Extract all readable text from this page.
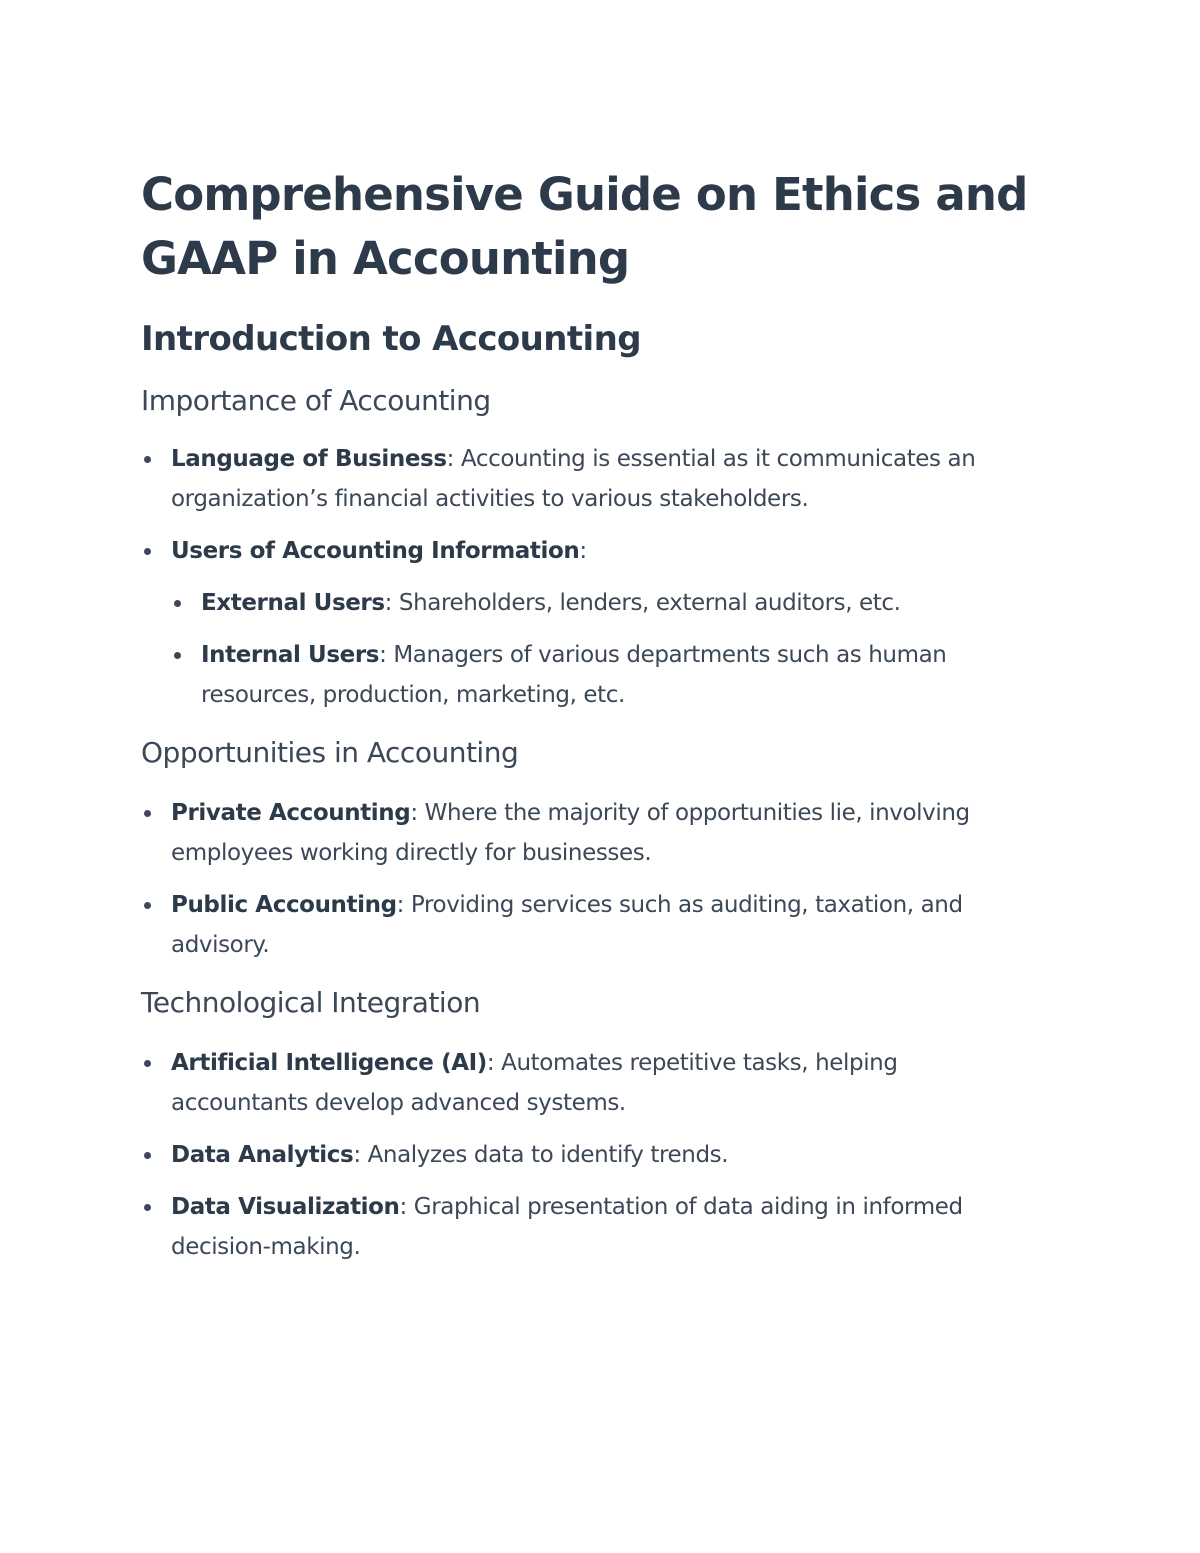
Comprehensive Guide on Ethics and GAAP in Accounting
Introduction to Accounting
Importance of Accounting
Language of Business: Accounting is essential as it communicates an organization’s financial activities to various stakeholders.
Users of Accounting Information:
External Users: Shareholders, lenders, external auditors, etc.
Internal Users: Managers of various departments such as human resources, production, marketing, etc.
Opportunities in Accounting
Private Accounting: Where the majority of opportunities lie, involving employees working directly for businesses.
Public Accounting: Providing services such as auditing, taxation, and advisory.
Technological Integration
Artificial Intelligence (AI): Automates repetitive tasks, helping accountants develop advanced systems.
Data Analytics: Analyzes data to identify trends.
Data Visualization: Graphical presentation of data aiding in informed decision-making.
